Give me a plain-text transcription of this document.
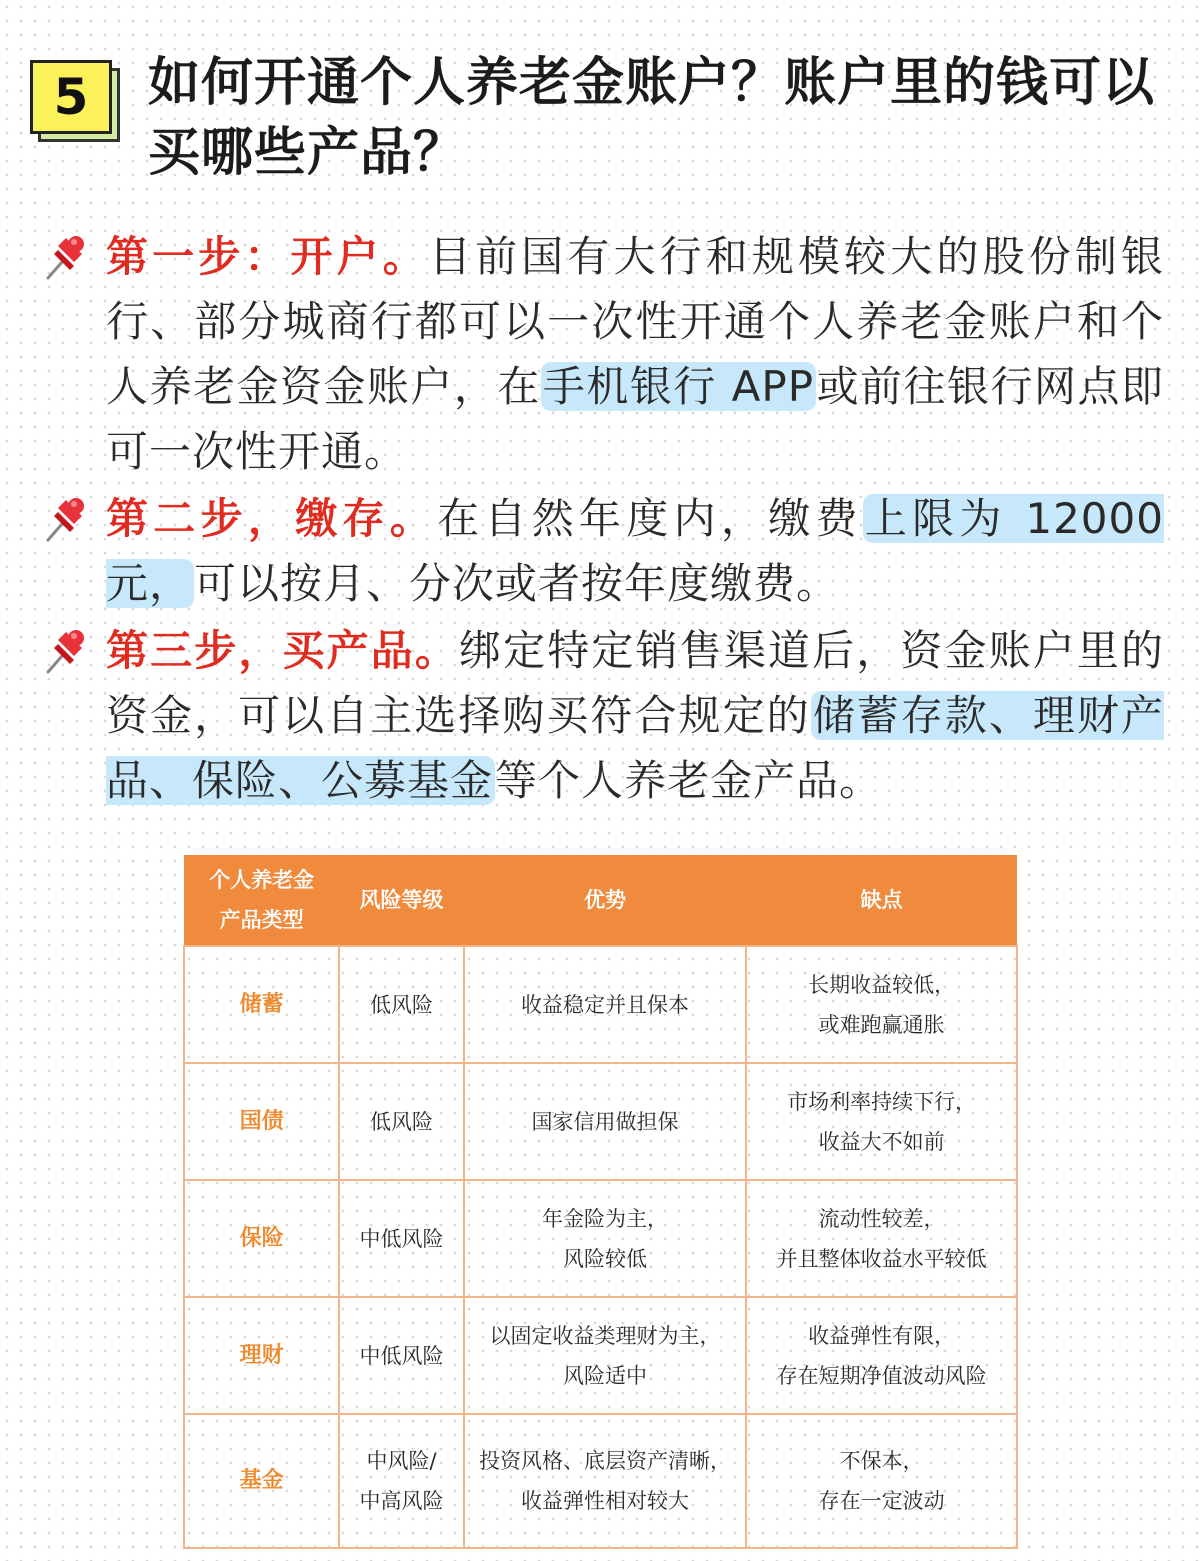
5	如何开通个人养老金账户？账户里的钱可以买哪些产品？

第一步：开户。目前国有大行和规模较大的股份制银行、部分城商行都可以一次性开通个人养老金账户和个人养老金资金账户，在手机银行 APP或前往银行网点即可一次性开通。

第二步，缴存。在自然年度内，缴费上限为 12000元，可以按月、分次或者按年度缴费。

第三步，买产品。绑定特定销售渠道后，资金账户里的资金，可以自主选择购买符合规定的储蓄存款、理财产品、保险、公募基金等个人养老金产品。

个人养老金
产品类型	风险等级	优势	缺点
储蓄	低风险	收益稳定并且保本	长期收益较低，
或难跑赢通胀
国债	低风险	国家信用做担保	市场利率持续下行，
收益大不如前
保险	中低风险	年金险为主，
风险较低	流动性较差，
并且整体收益水平较低
理财	中低风险	以固定收益类理财为主，
风险适中	收益弹性有限，
存在短期净值波动风险
基金	中风险/
中高风险	投资风格、底层资产清晰，
收益弹性相对较大	不保本，
存在一定波动
